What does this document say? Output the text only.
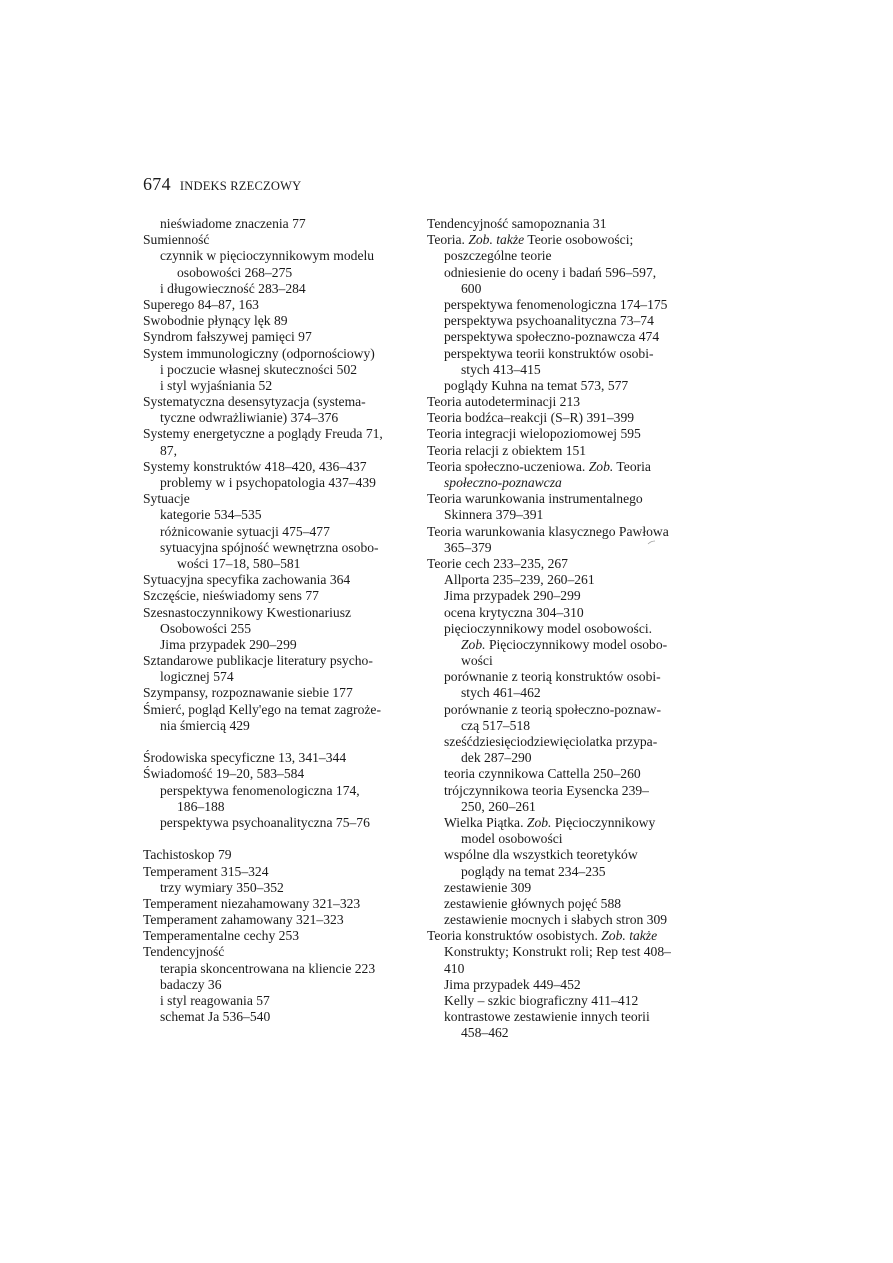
674 INDEKS RZECZOWY
nieświadome znaczenia 77
Sumienność
czynnik w pięcioczynnikowym modelu
osobowości 268–275
i długowieczność 283–284
Superego 84–87, 163
Swobodnie płynący lęk 89
Syndrom fałszywej pamięci 97
System immunologiczny (odpornościowy)
i poczucie własnej skuteczności 502
i styl wyjaśniania 52
Systematyczna desensytyzacja (systema-
tyczne odwrażliwianie) 374–376
Systemy energetyczne a poglądy Freuda 71,
87,
Systemy konstruktów 418–420, 436–437
problemy w i psychopatologia 437–439
Sytuacje
kategorie 534–535
różnicowanie sytuacji 475–477
sytuacyjna spójność wewnętrzna osobo-
wości 17–18, 580–581
Sytuacyjna specyfika zachowania 364
Szczęście, nieświadomy sens 77
Szesnastoczynnikowy Kwestionariusz
Osobowości 255
Jima przypadek 290–299
Sztandarowe publikacje literatury psycho-
logicznej 574
Szympansy, rozpoznawanie siebie 177
Śmierć, pogląd Kelly'ego na temat zagroże-
nia śmiercią 429
Środowiska specyficzne 13, 341–344
Świadomość 19–20, 583–584
perspektywa fenomenologiczna 174,
186–188
perspektywa psychoanalityczna 75–76
Tachistoskop 79
Temperament 315–324
trzy wymiary 350–352
Temperament niezahamowany 321–323
Temperament zahamowany 321–323
Temperamentalne cechy 253
Tendencyjność
terapia skoncentrowana na kliencie 223
badaczy 36
i styl reagowania 57
schemat Ja 536–540
Tendencyjność samopoznania 31
Teoria. Zob. także Teorie osobowości;
poszczególne teorie
odniesienie do oceny i badań 596–597,
600
perspektywa fenomenologiczna 174–175
perspektywa psychoanalityczna 73–74
perspektywa społeczno-poznawcza 474
perspektywa teorii konstruktów osobi-
stych 413–415
poglądy Kuhna na temat 573, 577
Teoria autodeterminacji 213
Teoria bodźca–reakcji (S–R) 391–399
Teoria integracji wielopoziomowej 595
Teoria relacji z obiektem 151
Teoria społeczno-uczeniowa. Zob. Teoria
społeczno-poznawcza
Teoria warunkowania instrumentalnego
Skinnera 379–391
Teoria warunkowania klasycznego Pawłowa
365–379
Teorie cech 233–235, 267
Allporta 235–239, 260–261
Jima przypadek 290–299
ocena krytyczna 304–310
pięcioczynnikowy model osobowości.
Zob. Pięcioczynnikowy model osobo-
wości
porównanie z teorią konstruktów osobi-
stych 461–462
porównanie z teorią społeczno-poznaw-
czą 517–518
sześćdziesięciodziewięciolatka przypa-
dek 287–290
teoria czynnikowa Cattella 250–260
trójczynnikowa teoria Eysencka 239–
250, 260–261
Wielka Piątka. Zob. Pięcioczynnikowy
model osobowości
wspólne dla wszystkich teoretyków
poglądy na temat 234–235
zestawienie 309
zestawienie głównych pojęć 588
zestawienie mocnych i słabych stron 309
Teoria konstruktów osobistych. Zob. także
Konstrukty; Konstrukt roli; Rep test 408–
410
Jima przypadek 449–452
Kelly – szkic biograficzny 411–412
kontrastowe zestawienie innych teorii
458–462
